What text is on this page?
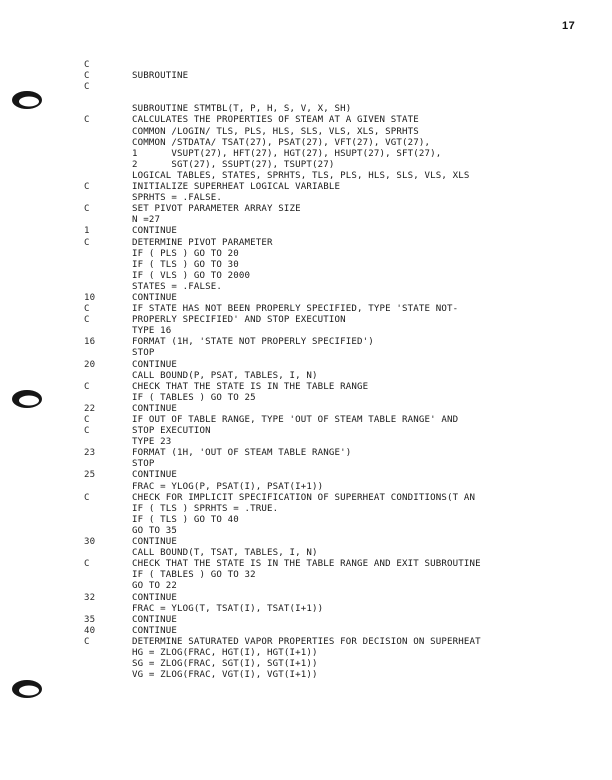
17
C
C	SUBROUTINE
C
SUBROUTINE STMTBL(T, P, H, S, V, X, SH)
C	CALCULATES THE PROPERTIES OF STEAM AT A GIVEN STATE
COMMON /LOGIN/ TLS, PLS, HLS, SLS, VLS, XLS, SPRHTS
COMMON /STDATA/ TSAT(27), PSAT(27), VFT(27), VGT(27),
1      VSUPT(27), HFT(27), HGT(27), HSUPT(27), SFT(27),
2      SGT(27), SSUPT(27), TSUPT(27)
LOGICAL TABLES, STATES, SPRHTS, TLS, PLS, HLS, SLS, VLS, XLS
C	INITIALIZE SUPERHEAT LOGICAL VARIABLE
SPRHTS = .FALSE.
C	SET PIVOT PARAMETER ARRAY SIZE
N =27
1	CONTINUE
C	DETERMINE PIVOT PARAMETER
IF ( PLS ) GO TO 20
IF ( TLS ) GO TO 30
IF ( VLS ) GO TO 2000
STATES = .FALSE.
10	CONTINUE
C	IF STATE HAS NOT BEEN PROPERLY SPECIFIED, TYPE 'STATE NOT-
C	PROPERLY SPECIFIED' AND STOP EXECUTION
TYPE 16
16	FORMAT (1H, 'STATE NOT PROPERLY SPECIFIED')
STOP
20	CONTINUE
CALL BOUND(P, PSAT, TABLES, I, N)
C	CHECK THAT THE STATE IS IN THE TABLE RANGE
IF ( TABLES ) GO TO 25
22	CONTINUE
C	IF OUT OF TABLE RANGE, TYPE 'OUT OF STEAM TABLE RANGE' AND
C	STOP EXECUTION
TYPE 23
23	FORMAT (1H, 'OUT OF STEAM TABLE RANGE')
STOP
25	CONTINUE
FRAC = YLOG(P, PSAT(I), PSAT(I+1))
C	CHECK FOR IMPLICIT SPECIFICATION OF SUPERHEAT CONDITIONS(T AN
IF ( TLS ) SPRHTS = .TRUE.
IF ( TLS ) GO TO 40
GO TO 35
30	CONTINUE
CALL BOUND(T, TSAT, TABLES, I, N)
C	CHECK THAT THE STATE IS IN THE TABLE RANGE AND EXIT SUBROUTINE
IF ( TABLES ) GO TO 32
GO TO 22
32	CONTINUE
FRAC = YLOG(T, TSAT(I), TSAT(I+1))
35	CONTINUE
40	CONTINUE
C	DETERMINE SATURATED VAPOR PROPERTIES FOR DECISION ON SUPERHEAT
HG = ZLOG(FRAC, HGT(I), HGT(I+1))
SG = ZLOG(FRAC, SGT(I), SGT(I+1))
VG = ZLOG(FRAC, VGT(I), VGT(I+1))
